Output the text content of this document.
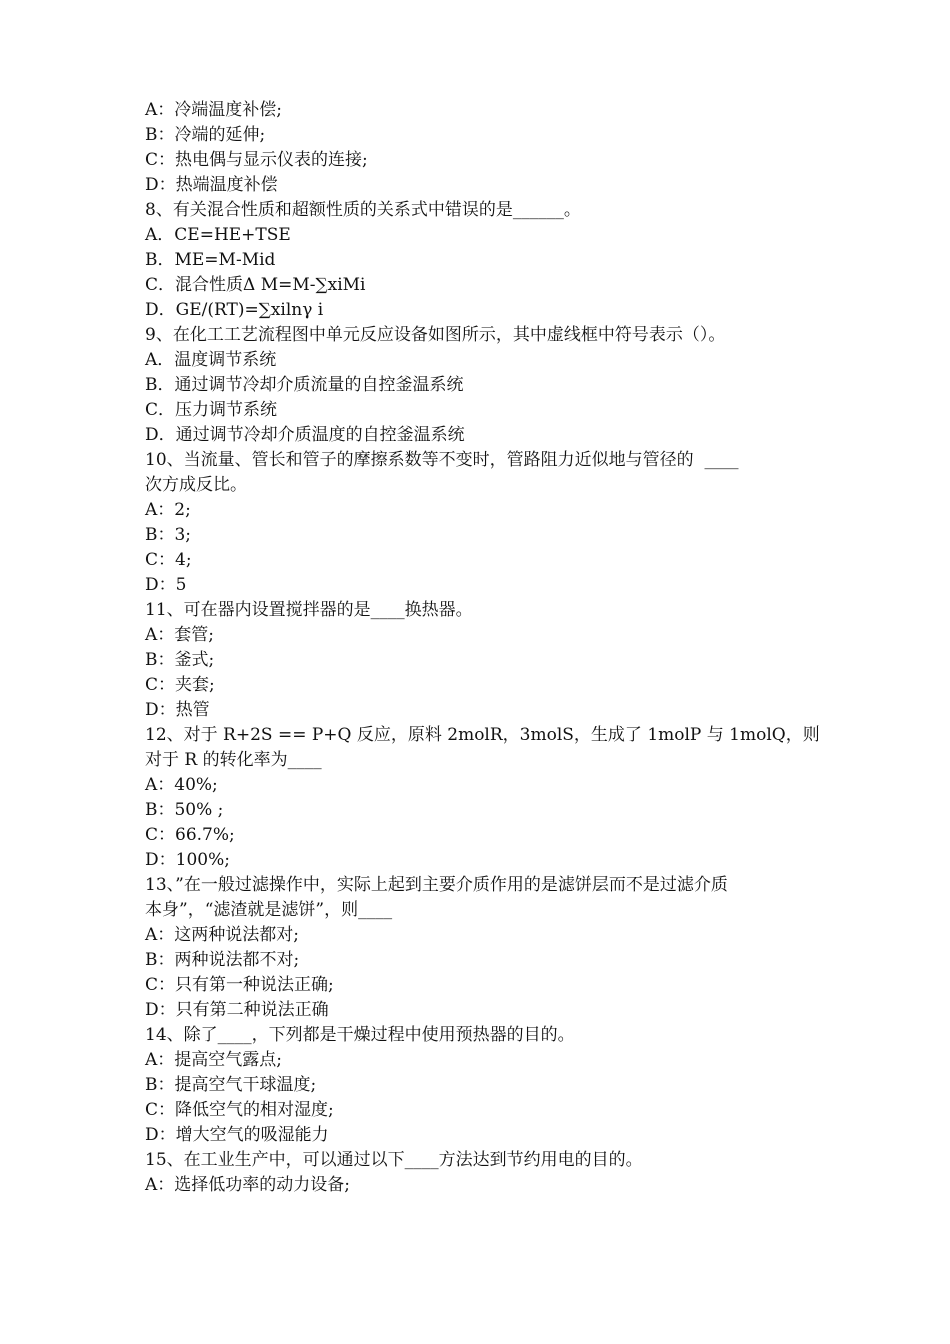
A：冷端温度补偿;
B：冷端的延伸;
C：热电偶与显示仪表的连接;
D：热端温度补偿
8、有关混合性质和超额性质的关系式中错误的是______。
A．CE=HE+TSE
B．ME=M-Mid
C．混合性质Δ M=M-∑xiMi
D．GE/(RT)=∑xilnγ i
9、在化工工艺流程图中单元反应设备如图所示，其中虚线框中符号表示（）。
A．温度调节系统
B．通过调节冷却介质流量的自控釜温系统
C．压力调节系统
D．通过调节冷却介质温度的自控釜温系统
10、当流量、管长和管子的摩擦系数等不变时，管路阻力近似地与管径的  ____
次方成反比。
A：2;
B：3;
C：4;
D：5
11、可在器内设置搅拌器的是____换热器。
A：套管;
B：釜式;
C：夹套;
D：热管
12、对于 R+2S == P+Q 反应，原料 2molR，3molS，生成了 1molP 与 1molQ，则
对于 R 的转化率为____
A：40%;
B：50% ;
C：66.7%;
D：100%;
13、”在一般过滤操作中，实际上起到主要介质作用的是滤饼层而不是过滤介质
本身”，“滤渣就是滤饼”，则____
A：这两种说法都对;
B：两种说法都不对;
C：只有第一种说法正确;
D：只有第二种说法正确
14、除了____，下列都是干燥过程中使用预热器的目的。
A：提高空气露点;
B：提高空气干球温度;
C：降低空气的相对湿度;
D：增大空气的吸湿能力
15、在工业生产中，可以通过以下____方法达到节约用电的目的。
A：选择低功率的动力设备;
